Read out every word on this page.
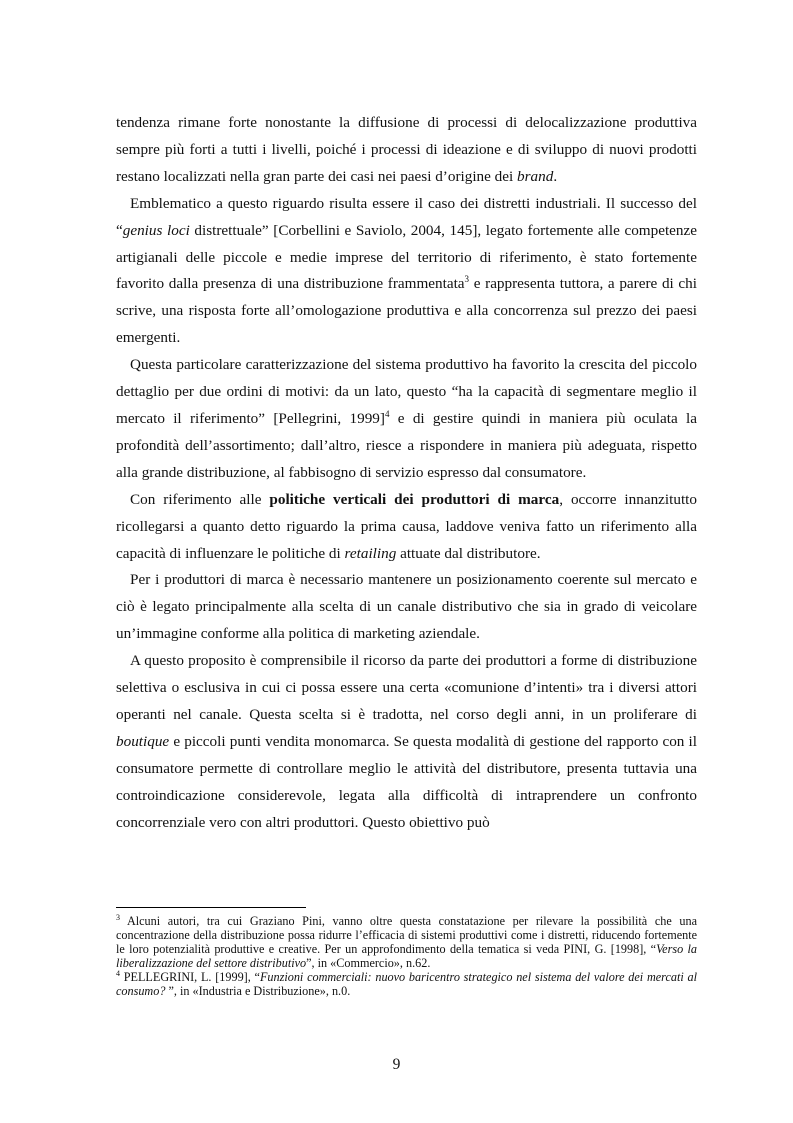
tendenza rimane forte nonostante la diffusione di processi di delocalizzazione produttiva sempre più forti a tutti i livelli, poiché i processi di ideazione e di sviluppo di nuovi prodotti restano localizzati nella gran parte dei casi nei paesi d’origine dei brand.

Emblematico a questo riguardo risulta essere il caso dei distretti industriali. Il successo del “genius loci distrettuale” [Corbellini e Saviolo, 2004, 145], legato fortemente alle competenze artigianali delle piccole e medie imprese del territorio di riferimento, è stato fortemente favorito dalla presenza di una distribuzione frammentata$^3$ e rappresenta tuttora, a parere di chi scrive, una risposta forte all’omologazione produttiva e alla concorrenza sul prezzo dei paesi emergenti.

Questa particolare caratterizzazione del sistema produttivo ha favorito la crescita del piccolo dettaglio per due ordini di motivi: da un lato, questo “ha la capacità di segmentare meglio il mercato il riferimento” [Pellegrini, 1999]$^4$ e di gestire quindi in maniera più oculata la profondità dell’assortimento; dall’altro, riesce a rispondere in maniera più adeguata, rispetto alla grande distribuzione, al fabbisogno di servizio espresso dal consumatore.

Con riferimento alle politiche verticali dei produttori di marca, occorre innanzitutto ricollegarsi a quanto detto riguardo la prima causa, laddove veniva fatto un riferimento alla capacità di influenzare le politiche di retailing attuate dal distributore.

Per i produttori di marca è necessario mantenere un posizionamento coerente sul mercato e ciò è legato principalmente alla scelta di un canale distributivo che sia in grado di veicolare un’immagine conforme alla politica di marketing aziendale.

A questo proposito è comprensibile il ricorso da parte dei produttori a forme di distribuzione selettiva o esclusiva in cui ci possa essere una certa «comunione d’intenti» tra i diversi attori operanti nel canale. Questa scelta si è tradotta, nel corso degli anni, in un proliferare di boutique e piccoli punti vendita monomarca. Se questa modalità di gestione del rapporto con il consumatore permette di controllare meglio le attività del distributore, presenta tuttavia una controindicazione considerevole, legata alla difficoltà di intraprendere un confronto concorrenziale vero con altri produttori. Questo obiettivo può

$^3$ Alcuni autori, tra cui Graziano Pini, vanno oltre questa constatazione per rilevare la possibilità che una concentrazione della distribuzione possa ridurre l’efficacia di sistemi produttivi come i distretti, riducendo fortemente le loro potenzialità produttive e creative. Per un approfondimento della tematica si veda PINI, G. [1998], “Verso la liberalizzazione del settore distributivo”, in «Commercio», n.62.

$^4$ PELLEGRINI, L. [1999], “Funzioni commerciali: nuovo baricentro strategico nel sistema del valore dei mercati al consumo? ”, in «Industria e Distribuzione», n.0.

9
